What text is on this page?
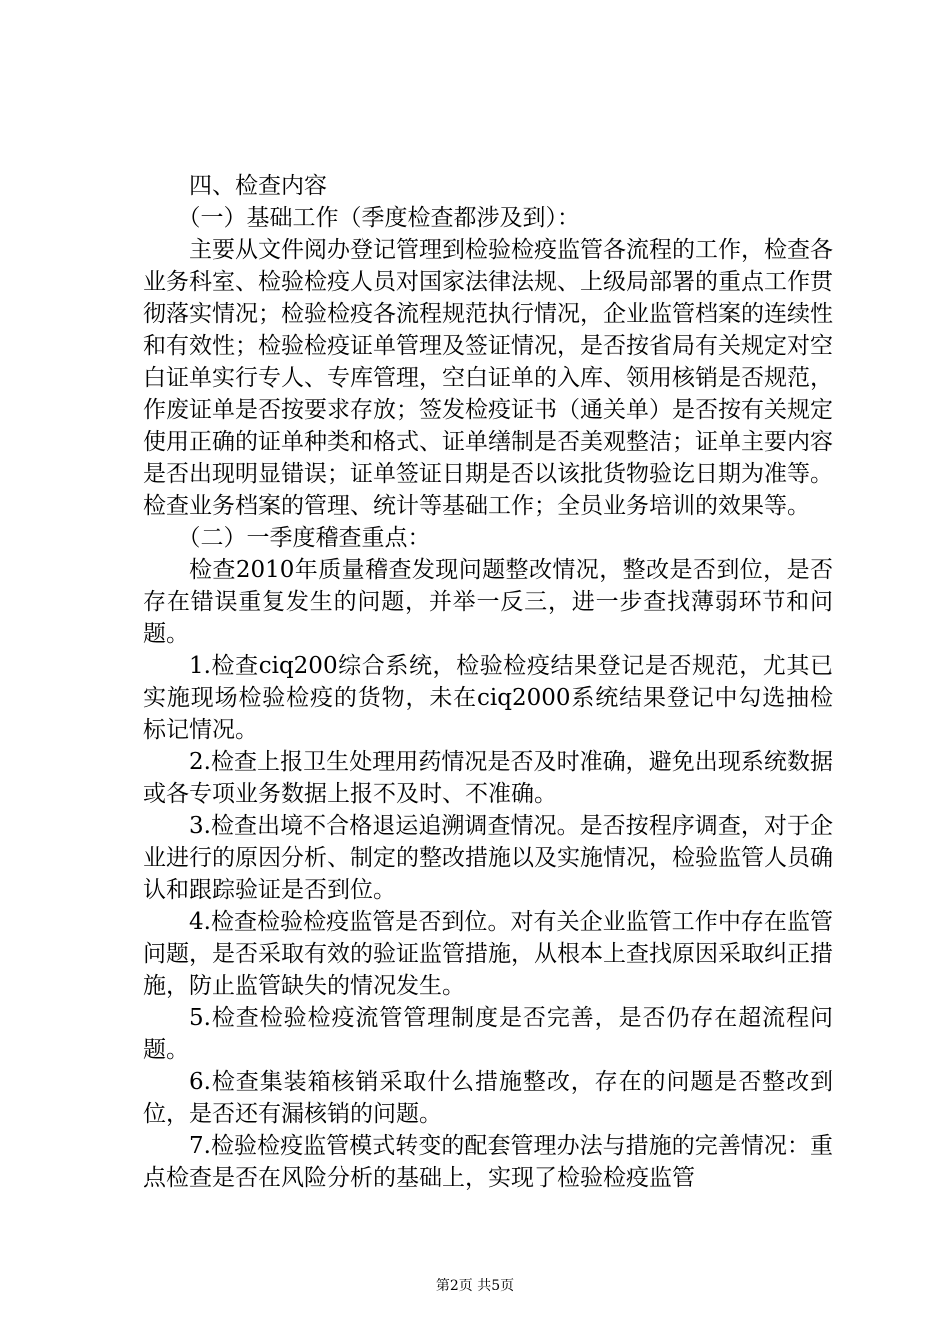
四、检查内容

（一）基础工作（季度检查都涉及到）：

主要从文件阅办登记管理到检验检疫监管各流程的工作，检查各业务科室、检验检疫人员对国家法律法规、上级局部署的重点工作贯彻落实情况；检验检疫各流程规范执行情况，企业监管档案的连续性和有效性；检验检疫证单管理及签证情况，是否按省局有关规定对空白证单实行专人、专库管理，空白证单的入库、领用核销是否规范，作废证单是否按要求存放；签发检疫证书（通关单）是否按有关规定使用正确的证单种类和格式、证单缮制是否美观整洁；证单主要内容是否出现明显错误；证单签证日期是否以该批货物验讫日期为准等。检查业务档案的管理、统计等基础工作；全员业务培训的效果等。

（二）一季度稽查重点：

检查2010年质量稽查发现问题整改情况，整改是否到位，是否存在错误重复发生的问题，并举一反三，进一步查找薄弱环节和问题。

1.检查ciq200综合系统，检验检疫结果登记是否规范，尤其已实施现场检验检疫的货物，未在ciq2000系统结果登记中勾选抽检标记情况。

2.检查上报卫生处理用药情况是否及时准确，避免出现系统数据或各专项业务数据上报不及时、不准确。

3.检查出境不合格退运追溯调查情况。是否按程序调查，对于企业进行的原因分析、制定的整改措施以及实施情况，检验监管人员确认和跟踪验证是否到位。

4.检查检验检疫监管是否到位。对有关企业监管工作中存在监管问题，是否采取有效的验证监管措施，从根本上查找原因采取纠正措施，防止监管缺失的情况发生。

5.检查检验检疫流管管理制度是否完善，是否仍存在超流程问题。

6.检查集装箱核销采取什么措施整改，存在的问题是否整改到位，是否还有漏核销的问题。

7.检验检疫监管模式转变的配套管理办法与措施的完善情况：重点检查是否在风险分析的基础上，实现了检验检疫监管

第2页 共5页
